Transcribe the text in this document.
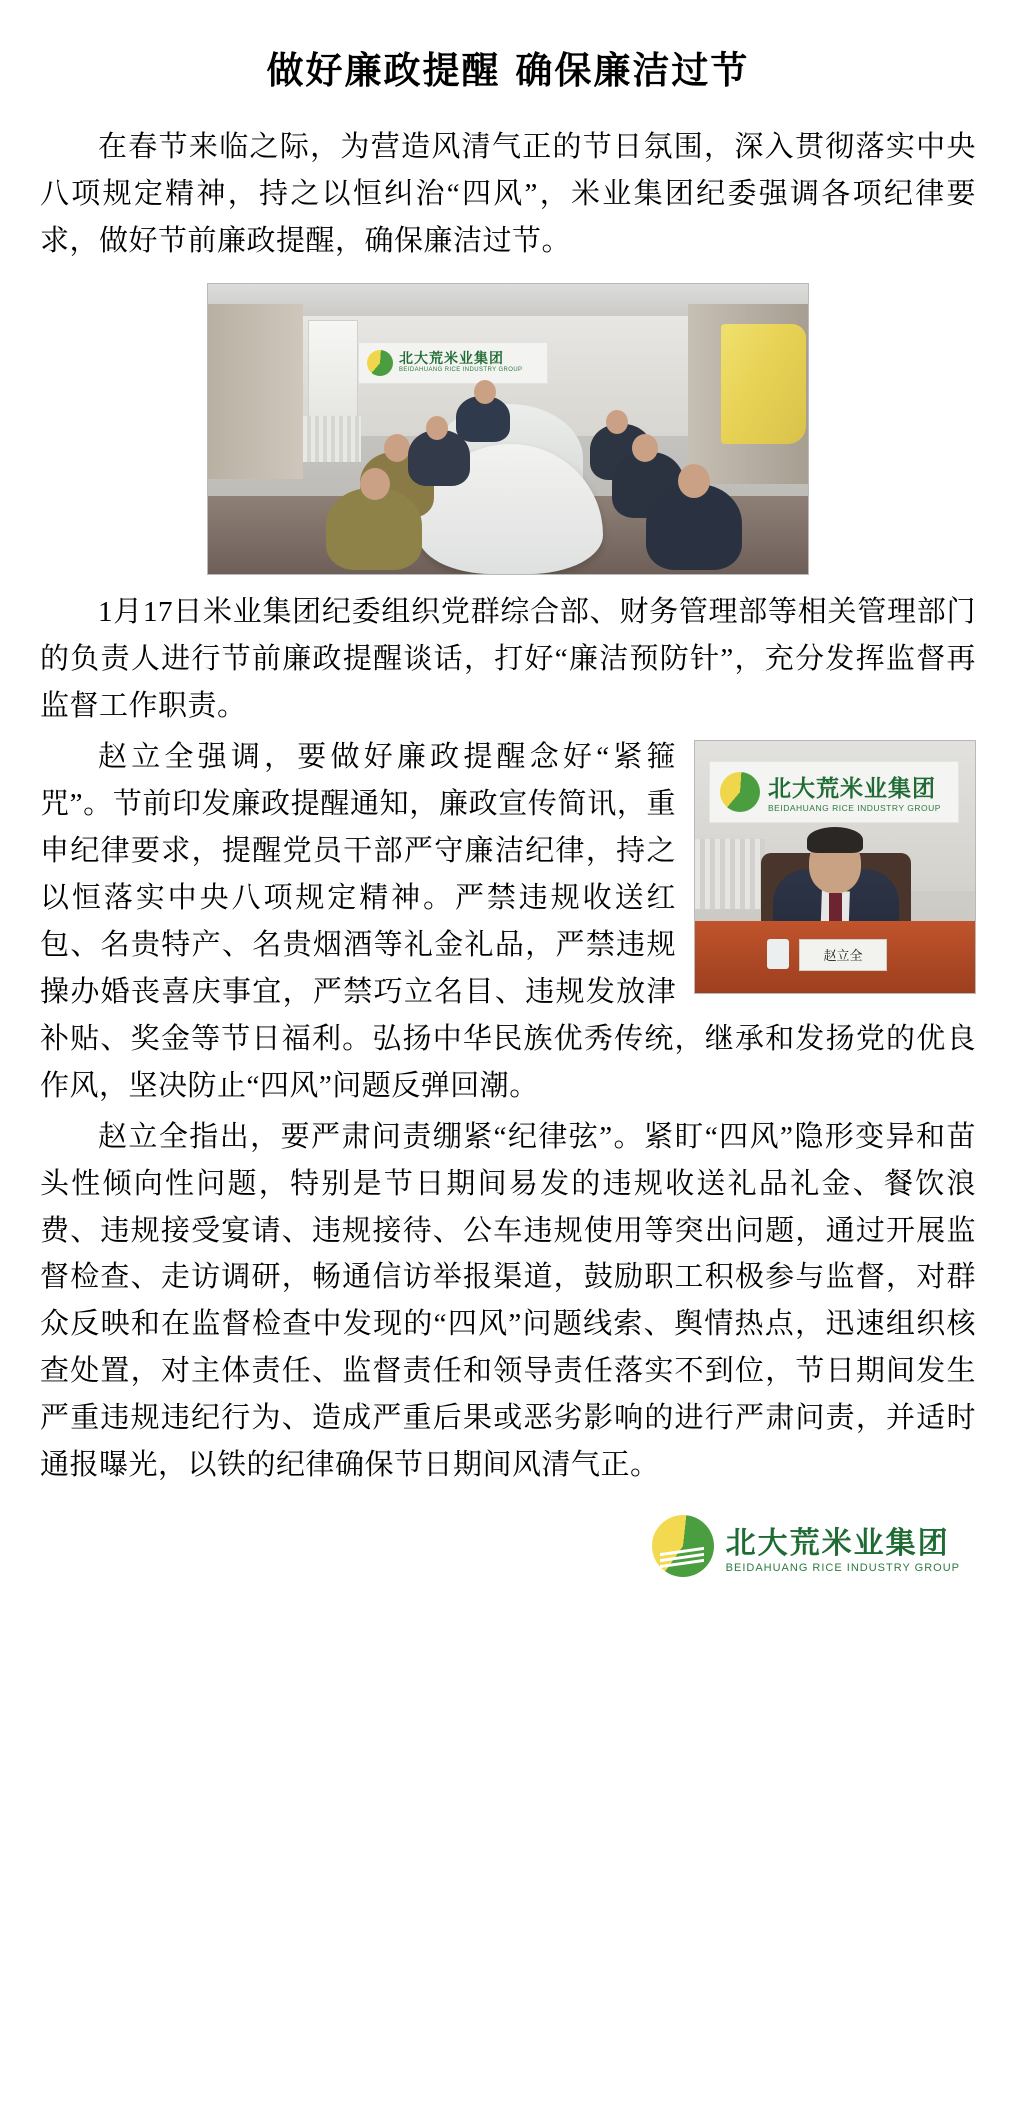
做好廉政提醒 确保廉洁过节

在春节来临之际，为营造风清气正的节日氛围，深入贯彻落实中央八项规定精神，持之以恒纠治“四风”，米业集团纪委强调各项纪律要求，做好节前廉政提醒，确保廉洁过节。

北大荒米业集团
BEIDAHUANG RICE INDUSTRY GROUP

1月17日米业集团纪委组织党群综合部、财务管理部等相关管理部门的负责人进行节前廉政提醒谈话，打好“廉洁预防针”，充分发挥监督再监督工作职责。

北大荒米业集团
BEIDAHUANG RICE INDUSTRY GROUP
赵立全

赵立全强调，要做好廉政提醒念好“紧箍咒”。节前印发廉政提醒通知，廉政宣传简讯，重申纪律要求，提醒党员干部严守廉洁纪律，持之以恒落实中央八项规定精神。严禁违规收送红包、名贵特产、名贵烟酒等礼金礼品，严禁违规操办婚丧喜庆事宜，严禁巧立名目、违规发放津补贴、奖金等节日福利。弘扬中华民族优秀传统，继承和发扬党的优良作风，坚决防止“四风”问题反弹回潮。

赵立全指出，要严肃问责绷紧“纪律弦”。紧盯“四风”隐形变异和苗头性倾向性问题，特别是节日期间易发的违规收送礼品礼金、餐饮浪费、违规接受宴请、违规接待、公车违规使用等突出问题，通过开展监督检查、走访调研，畅通信访举报渠道，鼓励职工积极参与监督，对群众反映和在监督检查中发现的“四风”问题线索、舆情热点，迅速组织核查处置，对主体责任、监督责任和领导责任落实不到位，节日期间发生严重违规违纪行为、造成严重后果或恶劣影响的进行严肃问责，并适时通报曝光，以铁的纪律确保节日期间风清气正。

北大荒米业集团
BEIDAHUANG RICE INDUSTRY GROUP
